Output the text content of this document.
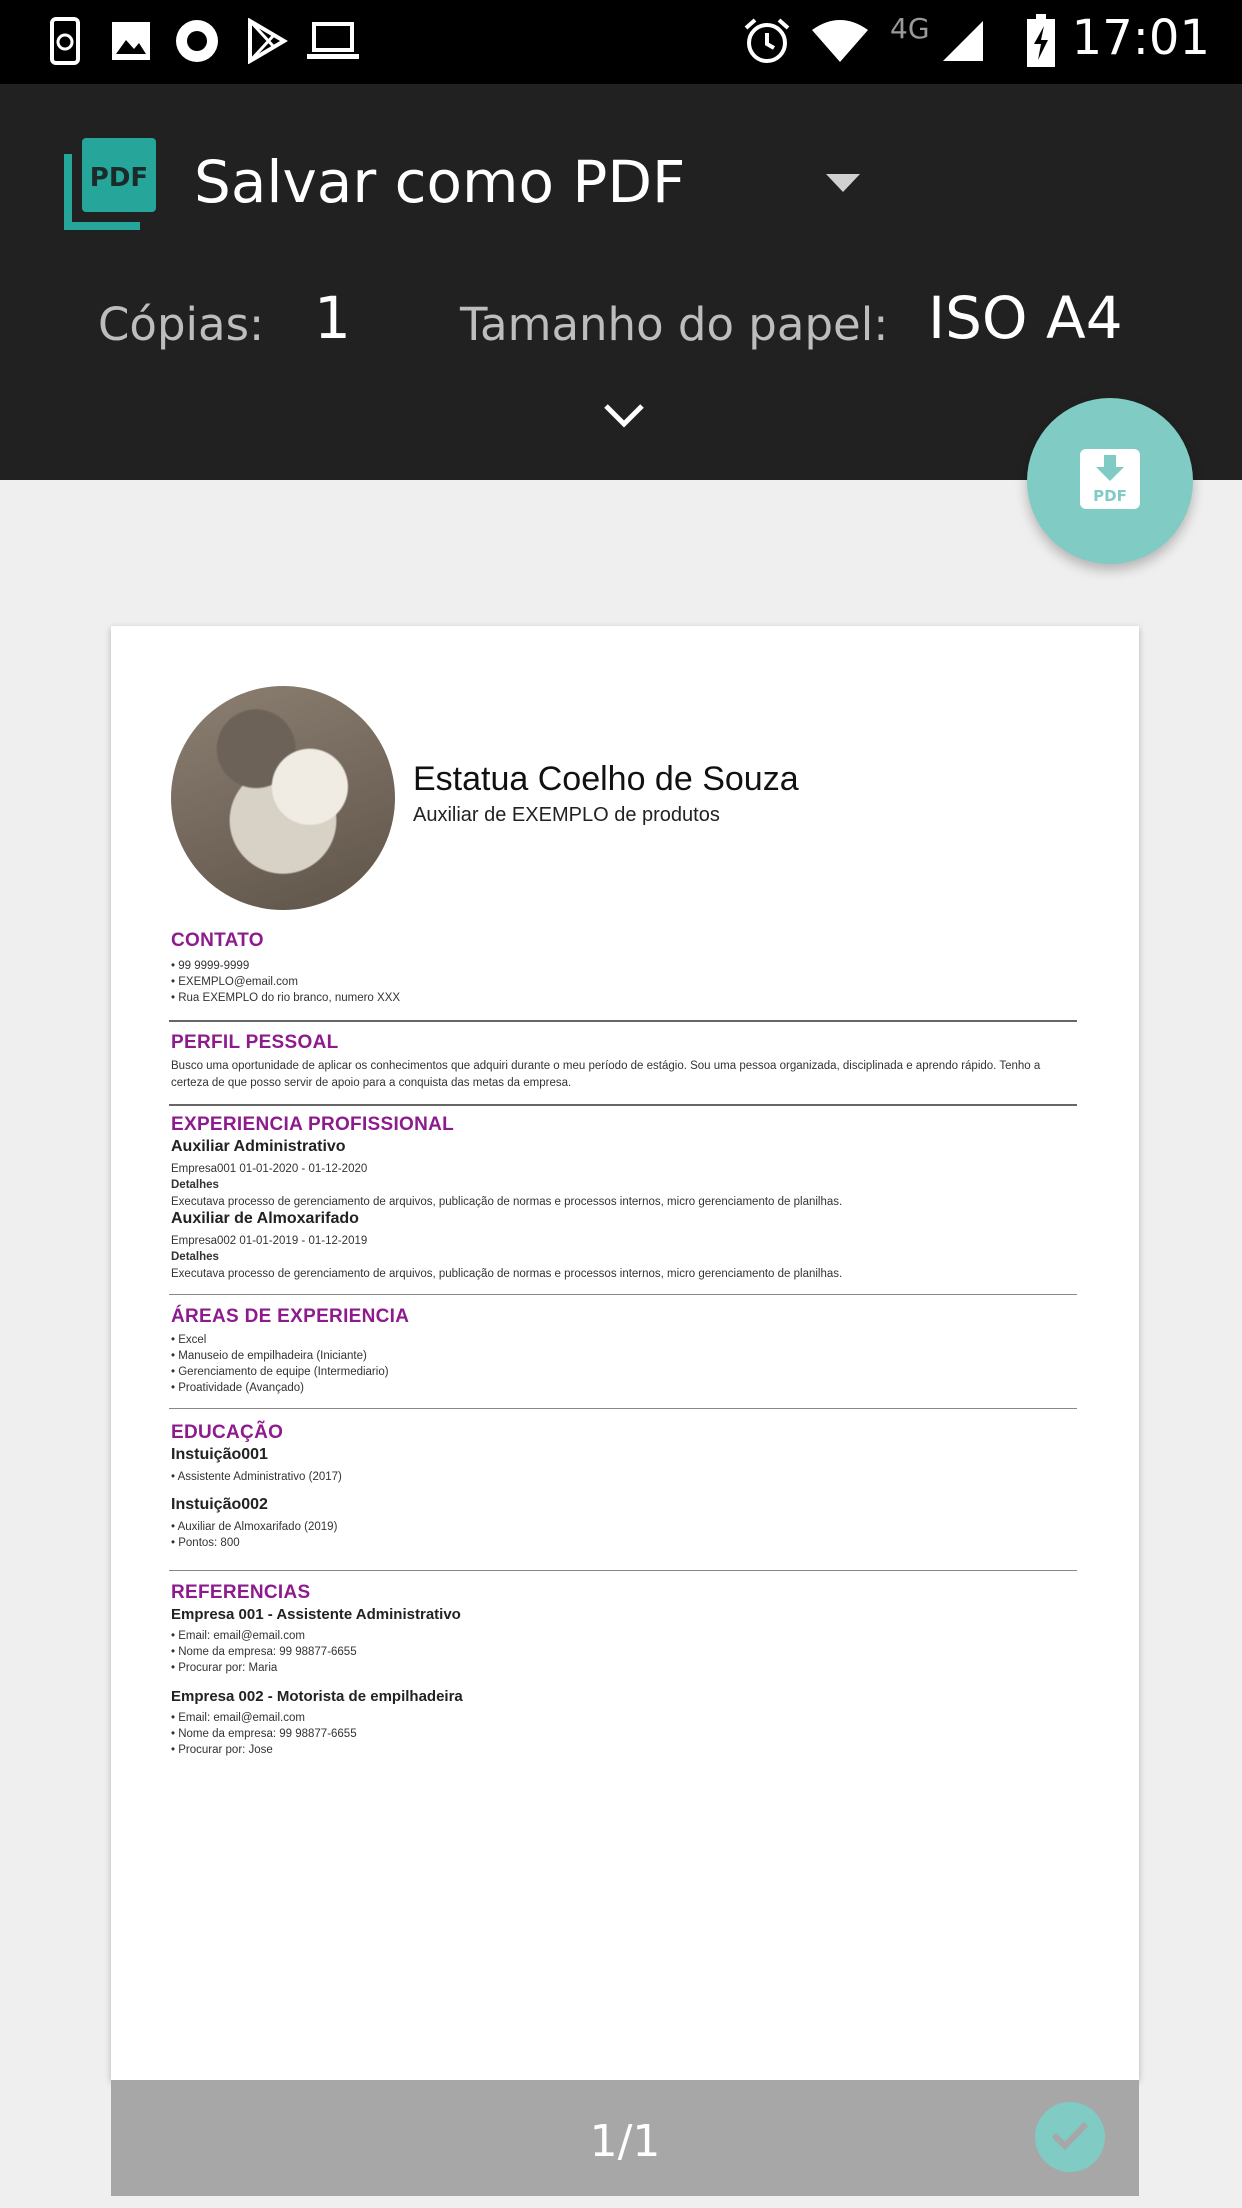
4G	17:01
PDF Salvar como PDF
Cópias: 1 Tamanho do papel: ISO A4
PDF
Estatua Coelho de Souza
Auxiliar de EXEMPLO de produtos
CONTATO
• 99 9999-9999
• EXEMPLO@email.com
• Rua EXEMPLO do rio branco, numero XXX
PERFIL PESSOAL
Busco uma oportunidade de aplicar os conhecimentos que adquiri durante o meu período de estágio. Sou uma pessoa organizada, disciplinada e aprendo rápido. Tenho a certeza de que posso servir de apoio para a conquista das metas da empresa.
EXPERIENCIA PROFISSIONAL
Auxiliar Administrativo
Empresa001 01-01-2020 - 01-12-2020
Detalhes
Executava processo de gerenciamento de arquivos, publicação de normas e processos internos, micro gerenciamento de planilhas.
Auxiliar de Almoxarifado
Empresa002 01-01-2019 - 01-12-2019
Detalhes
Executava processo de gerenciamento de arquivos, publicação de normas e processos internos, micro gerenciamento de planilhas.
ÁREAS DE EXPERIENCIA
• Excel
• Manuseio de empilhadeira (Iniciante)
• Gerenciamento de equipe (Intermediario)
• Proatividade (Avançado)
EDUCAÇÃO
Instuição001
• Assistente Administrativo (2017)
Instuição002
• Auxiliar de Almoxarifado (2019)
• Pontos: 800
REFERENCIAS
Empresa 001 - Assistente Administrativo
• Email: email@email.com
• Nome da empresa: 99 98877-6655
• Procurar por: Maria
Empresa 002 - Motorista de empilhadeira
• Email: email@email.com
• Nome da empresa: 99 98877-6655
• Procurar por: Jose
1/1
